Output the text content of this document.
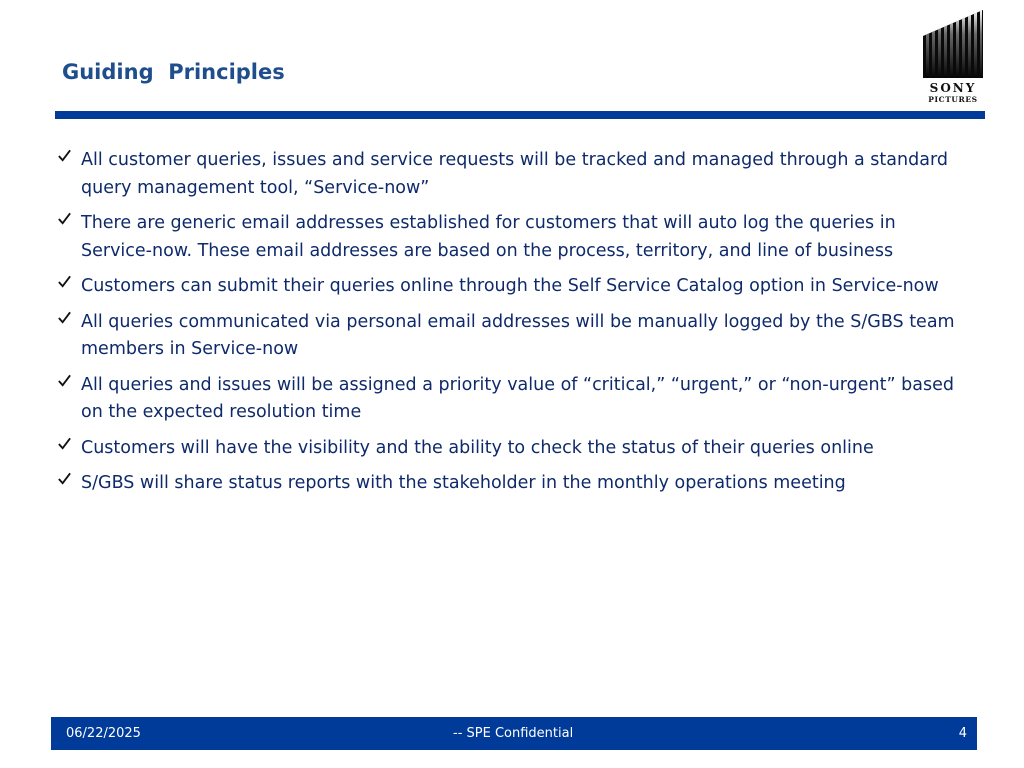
Guiding  Principles
SONY
PICTURES
All customer queries, issues and service requests will be tracked and managed through a standard query management tool, “Service-now”
There are generic email addresses established for customers that will auto log the queries in Service-now. These email addresses are based on the process, territory, and line of business
Customers can submit their queries online through the Self Service Catalog option in Service-now
All queries communicated via personal email addresses will be manually logged by the S/GBS team members in Service-now
All queries and issues will be assigned a priority value of “critical,” “urgent,” or “non-urgent” based on the expected resolution time
Customers will have the visibility and the ability to check the status of their queries online
S/GBS will share status reports with the stakeholder in the monthly operations meeting
06/22/2025	-- SPE Confidential	4
